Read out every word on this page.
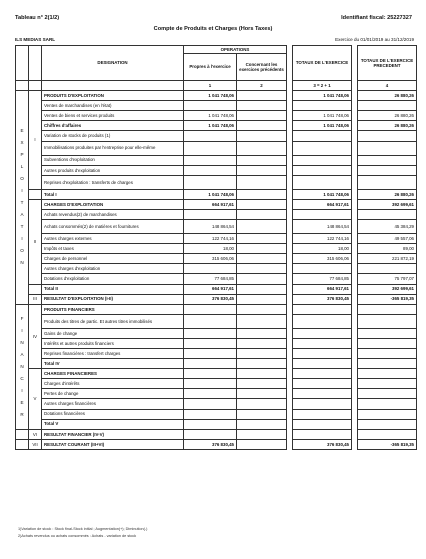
Tableau n° 2(1/2)	Identifiant fiscal: 25227327
Compte de Produits et Charges (Hors Taxes)
ILS MEDIAS SARL	Exercice du 01/01/2019 au 31/12/2019
		DESIGNATION	OPERATIONS			TOTAUX DE L'EXERCICE		TOTAUX DE L'EXERCICE PRECEDENT
			Propres à l'exercice	Concernant les exercices précédents				

			1	2		3 = 2 + 1		4
EXPLOITATION	I	PRODUITS D'EXPLOITATION	1 041 748,06			1 041 748,06		26 880,26
		Ventes de marchandises (en l'état)						
		Ventes de biens et services produits	1 041 748,06			1 041 748,06		26 880,26
		Chiffres d'affaires	1 041 748,06			1 041 748,06		26 880,26
		Variation de stocks de produits (1)						
		Immobilisations produites par l'entreprise pour elle-même						
		Subventions d'exploitation						
		Autres produits d'exploitation						
		Reprises d'exploitation : transferts de charges						
		Total I	1 041 748,06			1 041 748,06		26 880,26
	II	CHARGES D'EXPLOITATION	664 917,61			664 917,61		392 699,61
		Achats revendus(2) de marchandises						
		Achats consommés(2) de matières et fournitures	148 864,54			148 864,54		45 384,29
		Autres charges externes	122 744,16			122 744,16		49 557,06
		Impôts et taxes	18,00			18,00		89,00
		Charges de personnel	315 606,06			315 606,06		221 872,19
		Autres charges d'exploitation						
		Dotations d'exploitation	77 684,85			77 684,85		75 797,07
		Total II	664 917,61			664 917,61		392 699,61
	III	RESULTAT D'EXPLOITATION (I-II)	376 830,45			376 830,45		-365 819,35
FINANCIER	IV	PRODUITS FINANCIERS						
		Produits des titres de partic. Et autres titres immobilisés						
		Gains de change						
		Intérêts et autres produits financiers						
		Reprises financières : transfert charges						
		Total IV						
	V	CHARGES FINANCIERES						
		Charges d'intérêts						
		Pertes de change						
		Autres charges financières						
		Dotations financières						
		Total V						
	VI	RESULTAT FINANCIER (IV-V)						
	VII	RESULTAT COURANT (III+VI)	376 830,45			376 830,45		-365 819,35
1)Variation de stock : Stock final-Stock initial ; Augmentation(+); Diminution(-)
2)Achats revendus ou achats consommés : Achats - variation de stock
